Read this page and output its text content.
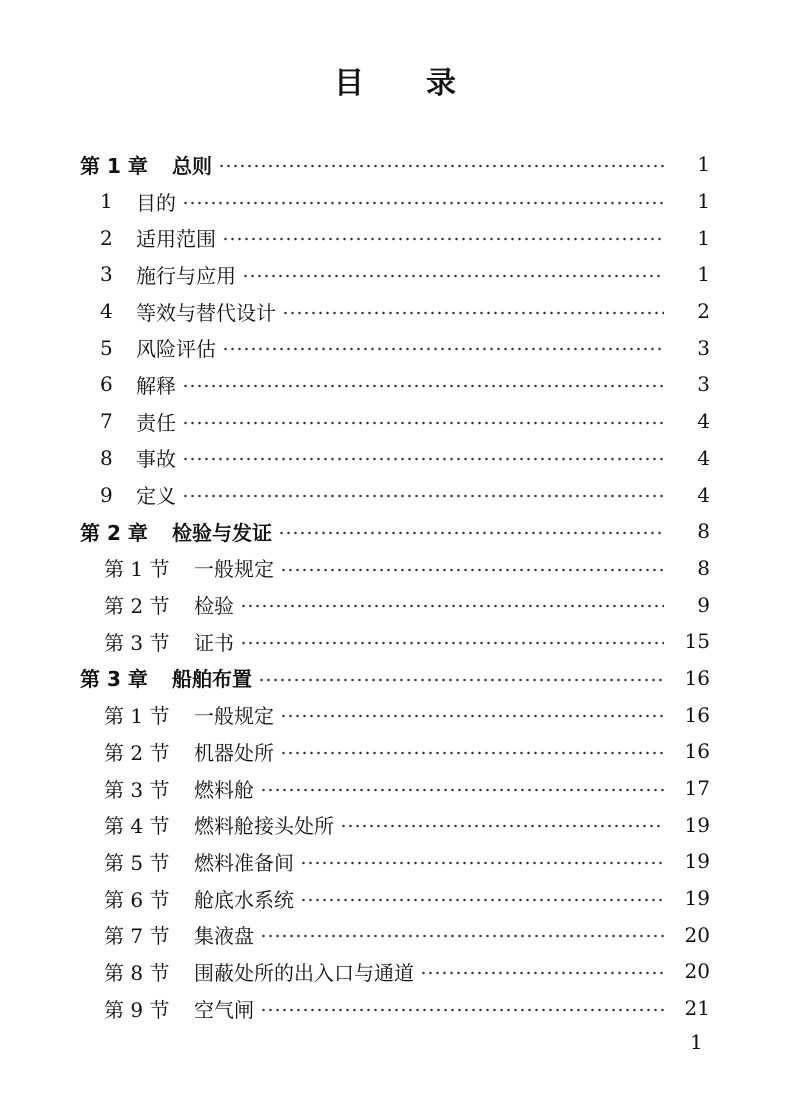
目 录
第 1 章	总则	1
1	目的	1
2	适用范围	1
3	施行与应用	1
4	等效与替代设计	2
5	风险评估	3
6	解释	3
7	责任	4
8	事故	4
9	定义	4
第 2 章	检验与发证	8
第 1 节	一般规定	8
第 2 节	检验	9
第 3 节	证书	15
第 3 章	船舶布置	16
第 1 节	一般规定	16
第 2 节	机器处所	16
第 3 节	燃料舱	17
第 4 节	燃料舱接头处所	19
第 5 节	燃料准备间	19
第 6 节	舱底水系统	19
第 7 节	集液盘	20
第 8 节	围蔽处所的出入口与通道	20
第 9 节	空气闸	21
1
